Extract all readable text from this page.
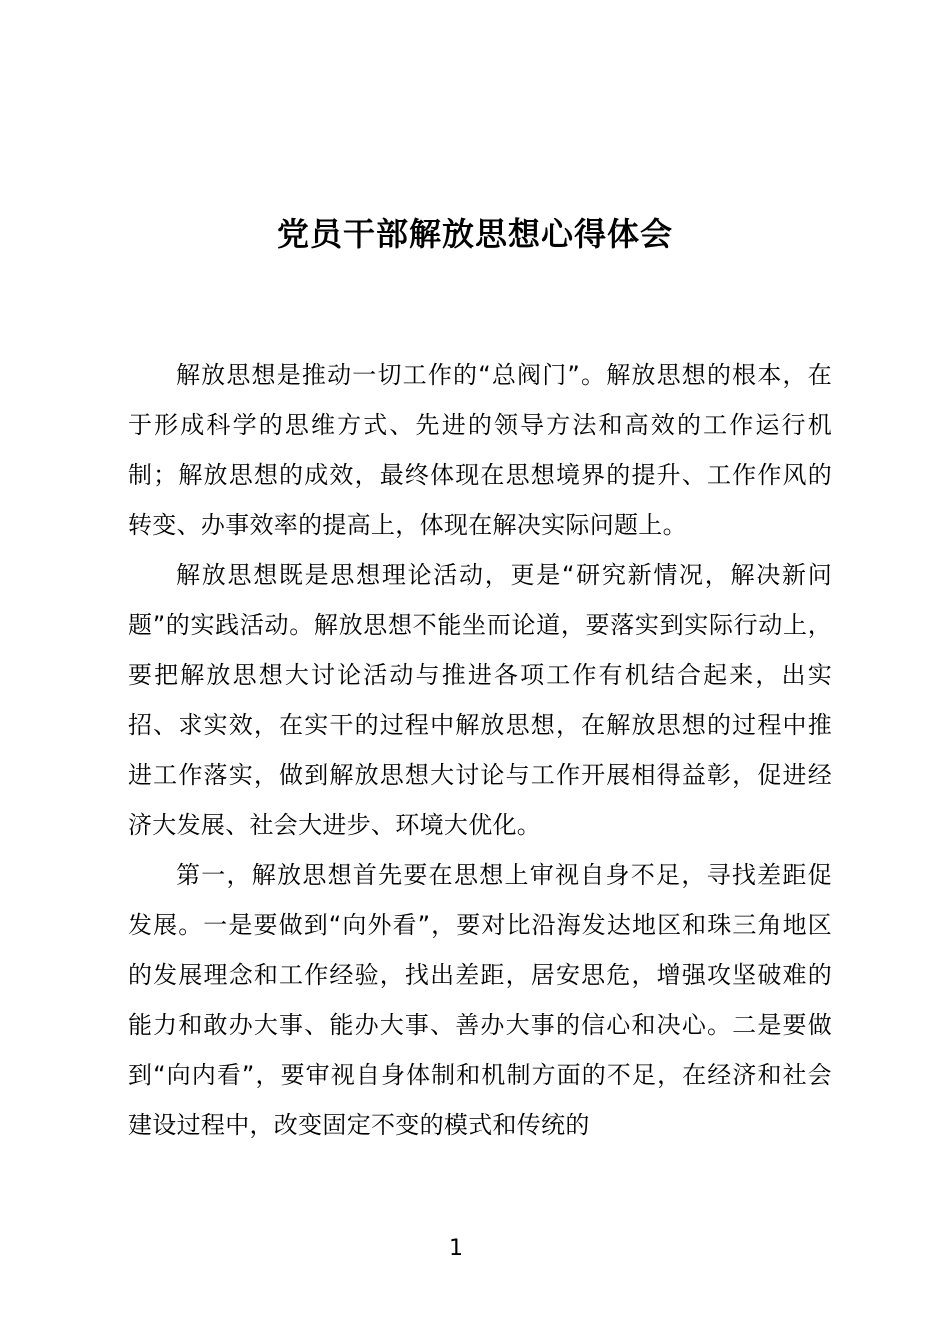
党员干部解放思想心得体会

解放思想是推动一切工作的“总阀门”。解放思想的根本，在于形成科学的思维方式、先进的领导方法和高效的工作运行机制；解放思想的成效，最终体现在思想境界的提升、工作作风的转变、办事效率的提高上，体现在解决实际问题上。

解放思想既是思想理论活动，更是“研究新情况，解决新问题”的实践活动。解放思想不能坐而论道，要落实到实际行动上，要把解放思想大讨论活动与推进各项工作有机结合起来，出实招、求实效，在实干的过程中解放思想，在解放思想的过程中推进工作落实，做到解放思想大讨论与工作开展相得益彰，促进经济大发展、社会大进步、环境大优化。

第一，解放思想首先要在思想上审视自身不足，寻找差距促发展。一是要做到“向外看”，要对比沿海发达地区和珠三角地区的发展理念和工作经验，找出差距，居安思危，增强攻坚破难的能力和敢办大事、能办大事、善办大事的信心和决心。二是要做到“向内看”，要审视自身体制和机制方面的不足，在经济和社会建设过程中，改变固定不变的模式和传统的

1
